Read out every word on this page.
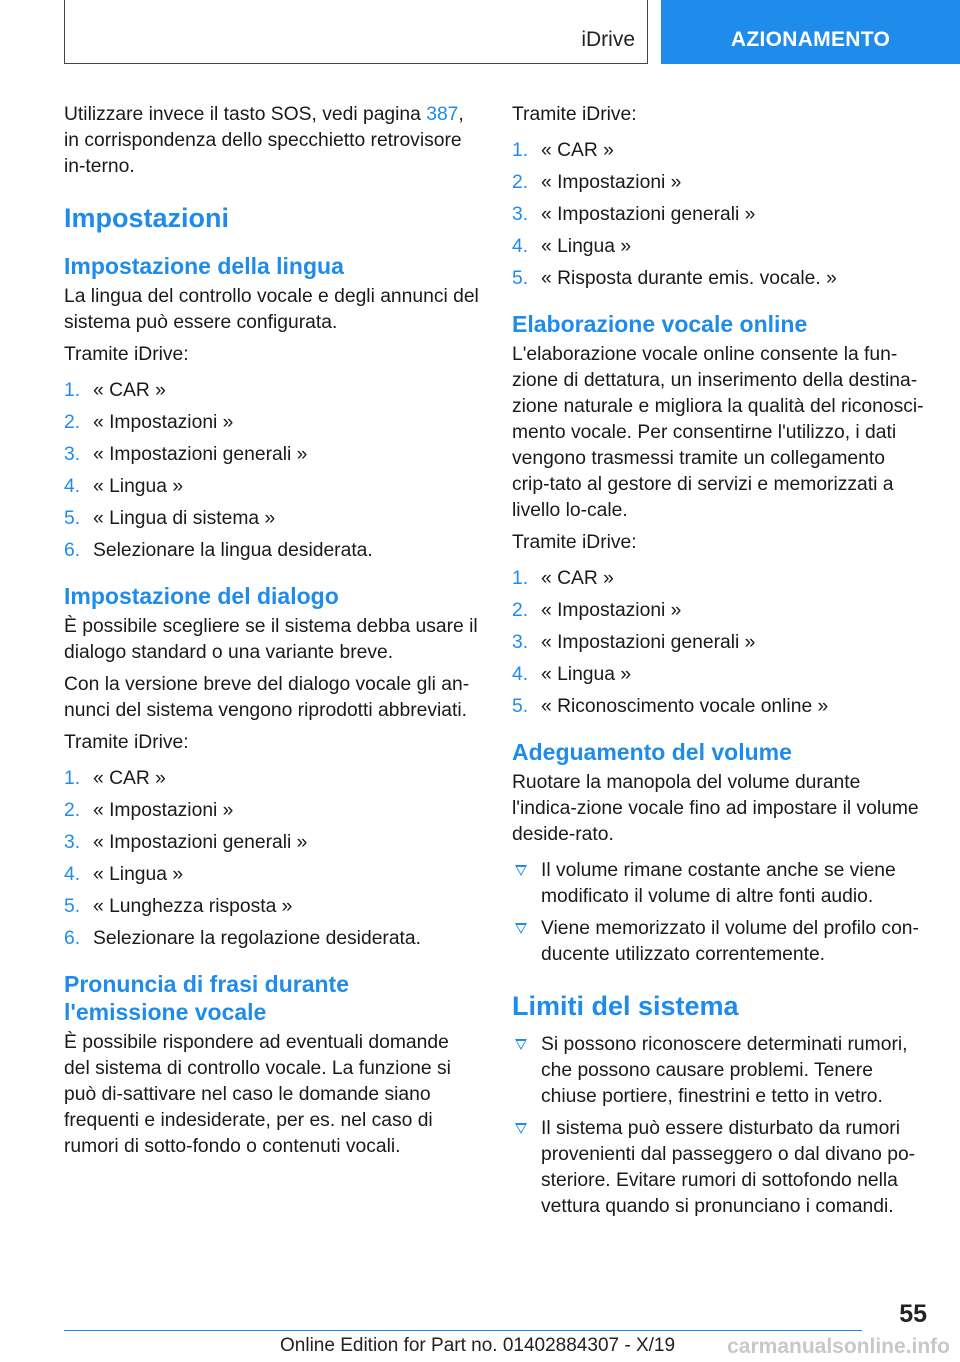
iDrive	AZIONAMENTO

Utilizzare invece il tasto SOS, vedi pagina 387, in corrispondenza dello specchietto retrovisore in-terno.

Impostazioni
Impostazione della lingua

La lingua del controllo vocale e degli annunci del sistema può essere configurata.

Tramite iDrive:

1. « CAR »
2. « Impostazioni »
3. « Impostazioni generali »
4. « Lingua »
5. « Lingua di sistema »
6. Selezionare la lingua desiderata.
Impostazione del dialogo

È possibile scegliere se il sistema debba usare il dialogo standard o una variante breve.

Con la versione breve del dialogo vocale gli an-nunci del sistema vengono riprodotti abbreviati.

Tramite iDrive:

1. « CAR »
2. « Impostazioni »
3. « Impostazioni generali »
4. « Lingua »
5. « Lunghezza risposta »
6. Selezionare la regolazione desiderata.
Pronuncia di frasi durante l'emissione vocale

È possibile rispondere ad eventuali domande del sistema di controllo vocale. La funzione si può di-sattivare nel caso le domande siano frequenti e indesiderate, per es. nel caso di rumori di sotto-fondo o contenuti vocali.

Tramite iDrive:

1. « CAR »
2. « Impostazioni »
3. « Impostazioni generali »
4. « Lingua »
5. « Risposta durante emis. vocale. »
Elaborazione vocale online

L'elaborazione vocale online consente la fun-zione di dettatura, un inserimento della destina-zione naturale e migliora la qualità del riconosci-mento vocale. Per consentirne l'utilizzo, i dati vengono trasmessi tramite un collegamento crip-tato al gestore di servizi e memorizzati a livello lo-cale.

Tramite iDrive:

1. « CAR »
2. « Impostazioni »
3. « Impostazioni generali »
4. « Lingua »
5. « Riconoscimento vocale online »
Adeguamento del volume

Ruotare la manopola del volume durante l'indica-zione vocale fino ad impostare il volume deside-rato.

Il volume rimane costante anche se viene modificato il volume di altre fonti audio.
Viene memorizzato il volume del profilo con-ducente utilizzato correntemente.
Limiti del sistema
Si possono riconoscere determinati rumori, che possono causare problemi. Tenere chiuse portiere, finestrini e tetto in vetro.
Il sistema può essere disturbato da rumori provenienti dal passeggero o dal divano po-steriore. Evitare rumori di sottofondo nella vettura quando si pronunciano i comandi.
55
Online Edition for Part no. 01402884307 - X/19 carmanualsonline.info
